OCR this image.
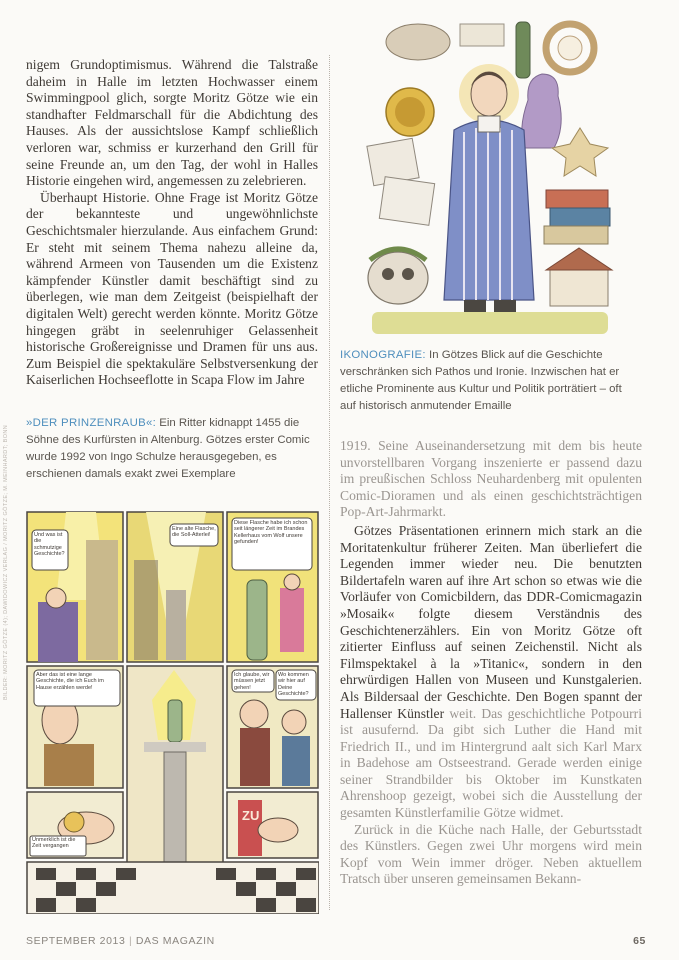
nigem Grundoptimismus. Während die Talstraße daheim in Halle im letzten Hochwasser einem Swimmingpool glich, sorgte Moritz Götze wie ein standhafter Feldmarschall für die Abdichtung des Hauses. Als der aussichtslose Kampf schließlich verloren war, schmiss er kurzerhand den Grill für seine Freunde an, um den Tag, der wohl in Halles Historie eingehen wird, angemessen zu zelebrieren.

Überhaupt Historie. Ohne Frage ist Moritz Götze der bekannteste und ungewöhnlichste Geschichtsmaler hierzulande. Aus einfachem Grund: Er steht mit seinem Thema nahezu alleine da, während Armeen von Tausenden um die Existenz kämpfender Künstler damit beschäftigt sind zu überlegen, wie man dem Zeitgeist (beispielhaft der digitalen Welt) gerecht werden könnte. Moritz Götze hingegen gräbt in seelenruhiger Gelassenheit historische Großereignisse und Dramen für uns aus. Zum Beispiel die spektakuläre Selbstversenkung der Kaiserlichen Hochseeflotte in Scapa Flow im Jahre

IKONOGRAFIE: In Götzes Blick auf die Geschichte verschränken sich Pathos und Ironie. Inzwischen hat er etliche Prominente aus Kultur und Politik porträtiert – oft auf historisch anmutender Emaille
»DER PRINZENRAUB«: Ein Ritter kidnappt 1455 die Söhne des Kurfürsten in Altenburg. Götzes erster Comic wurde 1992 von Ingo Schulze herausgegeben, es erschienen damals exakt zwei Exemplare
Und was ist die schmutzige Geschichte?
Eine alte Flasche, die Soll-Atterlei!
Diese Flasche habe ich schon seit längerer Zeit im Brandes Kellerhaus vom Wolf unsere gefunden!
Aber das ist eine lange Geschichte, die ich Euch im Hause erzählen werde!
Ich glaube, wir müssen jetzt gehen!
Wo kommen wir hier auf Deine Geschichte?
Unmerklich ist die Zeit vergangen
ZU
BILDER: MORITZ GÖTZE (4); DAWIDOWICZ VERLAG / MORITZ GÖTZE; M. MEINHARDT; BONN	1919. Seine Auseinandersetzung mit dem bis heute unvorstellbaren Vorgang inszenierte er passend dazu im preußischen Schloss Neuhardenberg mit opulenten Comic-Dioramen und als einen geschichtsträchtigen Pop-Art-Jahrmarkt.

Götzes Präsentationen erinnern mich stark an die Moritatenkultur früherer Zeiten. Man überliefert die Legenden immer wieder neu. Die benutzten Bildertafeln waren auf ihre Art schon so etwas wie die Vorläufer von Comicbildern, das DDR-Comicmagazin »Mosaik« folgte diesem Verständnis des Geschichtenerzählers. Ein von Moritz Götze oft zitierter Einfluss auf seinen Zeichenstil. Nicht als Filmspektakel à la »Titanic«, sondern in den ehrwürdigen Hallen von Museen und Kunstgalerien. Als Bildersaal der Geschichte. Den Bogen spannt der Hallenser Künstler weit. Das geschichtliche Potpourri ist ausufernd. Da gibt sich Luther die Hand mit Friedrich II., und im Hintergrund aalt sich Karl Marx in Badehose am Ostseestrand. Gerade werden einige seiner Strandbilder bis Oktober im Kunstkaten Ahrenshoop gezeigt, wobei sich die Ausstellung der gesamten Künstlerfamilie Götze widmet.

Zurück in die Küche nach Halle, der Geburtsstadt des Künstlers. Gegen zwei Uhr morgens wird mein Kopf vom Wein immer dröger. Neben aktuellem Tratsch über unseren gemeinsamen Bekann-

SEPTEMBER 2013 | DAS MAGAZIN	65
